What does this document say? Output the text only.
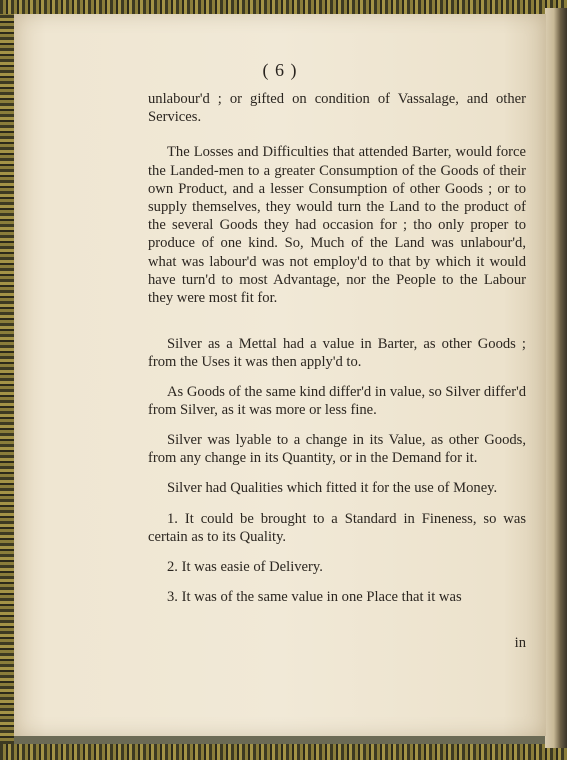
( 6 )

unlabour'd ; or gifted on condition of Vassalage, and other Services.

The Losses and Difficulties that attended Barter, would force the Landed-men to a greater Consumption of the Goods of their own Product, and a lesser Consumption of other Goods ; or to supply themselves, they would turn the Land to the product of the several Goods they had occasion for ; tho only proper to produce of one kind. So, Much of the Land was unlabour'd, what was labour'd was not employ'd to that by which it would have turn'd to most Advantage, nor the People to the Labour they were most fit for.

Silver as a Mettal had a value in Barter, as other Goods ; from the Uses it was then apply'd to.

As Goods of the same kind differ'd in value, so Silver differ'd from Silver, as it was more or less fine.

Silver was lyable to a change in its Value, as other Goods, from any change in its Quantity, or in the Demand for it.

Silver had Qualities which fitted it for the use of Money.

1. It could be brought to a Standard in Fineness, so was certain as to its Quality.

2. It was easie of Delivery.

3. It was of the same value in one Place that it was

in
